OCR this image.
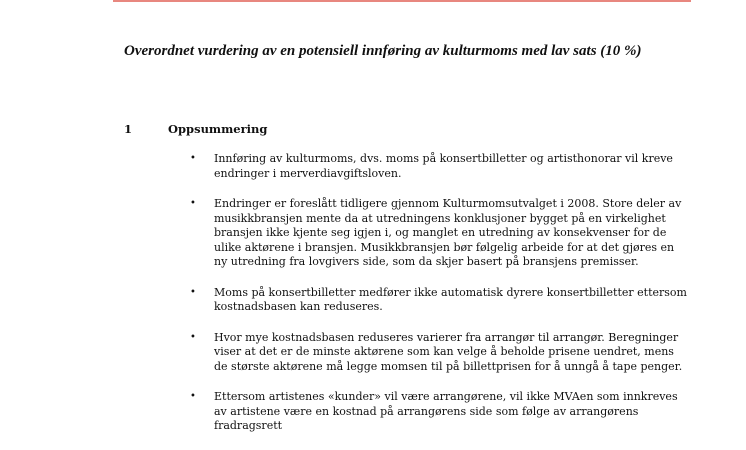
Overordnet vurdering av en potensiell innføring av kulturmoms med lav sats (10 %)
1	Oppsummering
• Innføring av kulturmoms, dvs. moms på konsertbilletter og artisthonorar vil kreve endringer i merverdiavgiftsloven.
• Endringer er foreslått tidligere gjennom Kulturmomsutvalget i 2008. Store deler av musikkbransjen mente da at utredningens konklusjoner bygget på en virkelighet bransjen ikke kjente seg igjen i, og manglet en utredning av konsekvenser for de ulike aktørene i bransjen. Musikkbransjen bør følgelig arbeide for at det gjøres en ny utredning fra lovgivers side, som da skjer basert på bransjens premisser.
• Moms på konsertbilletter medfører ikke automatisk dyrere konsertbilletter ettersom kostnadsbasen kan reduseres.
• Hvor mye kostnadsbasen reduseres varierer fra arrangør til arrangør. Beregninger viser at det er de minste aktørene som kan velge å beholde prisene uendret, mens de største aktørene må legge momsen til på billettprisen for å unngå å tape penger.
• Ettersom artistenes «kunder» vil være arrangørene, vil ikke MVAen som innkreves av artistene være en kostnad på arrangørens side som følge av arrangørens fradragsrett
